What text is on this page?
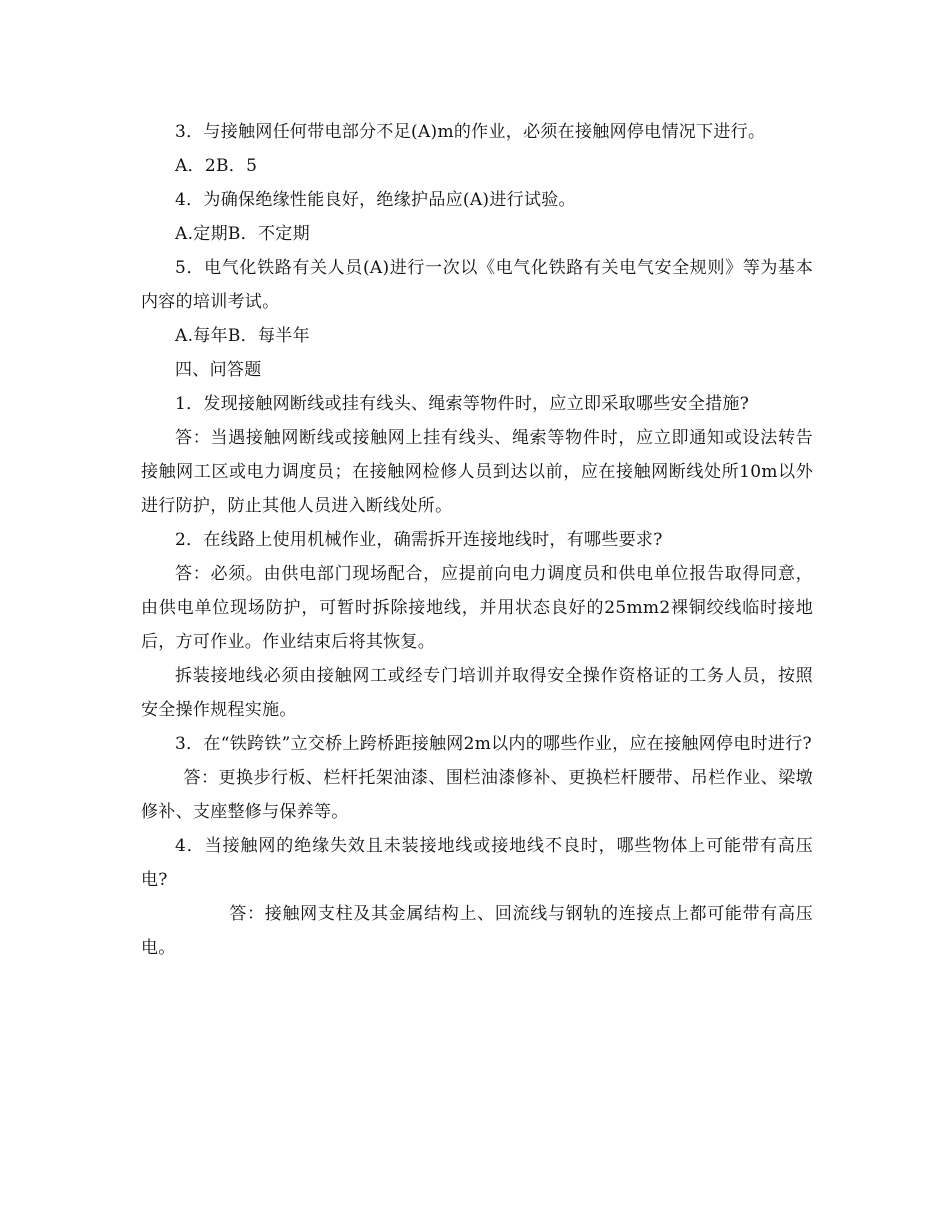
3．与接触网任何带电部分不足(A)m的作业，必须在接触网停电情况下进行。

A．2B．5

4．为确保绝缘性能良好，绝缘护品应(A)进行试验。

A.定期B．不定期

5．电气化铁路有关人员(A)进行一次以《电气化铁路有关电气安全规则》等为基本内容的培训考试。

A.每年B．每半年

四、问答题

1．发现接触网断线或挂有线头、绳索等物件时，应立即采取哪些安全措施?

答：当遇接触网断线或接触网上挂有线头、绳索等物件时，应立即通知或设法转告接触网工区或电力调度员；在接触网检修人员到达以前，应在接触网断线处所10m以外进行防护，防止其他人员进入断线处所。

2．在线路上使用机械作业，确需拆开连接地线时，有哪些要求?

答：必须。由供电部门现场配合，应提前向电力调度员和供电单位报告取得同意，由供电单位现场防护，可暂时拆除接地线，并用状态良好的25mm2裸铜绞线临时接地后，方可作业。作业结束后将其恢复。

拆装接地线必须由接触网工或经专门培训并取得安全操作资格证的工务人员，按照安全操作规程实施。

3．在“铁跨铁”立交桥上跨桥距接触网2m以内的哪些作业，应在接触网停电时进行?

答：更换步行板、栏杆托架油漆、围栏油漆修补、更换栏杆腰带、吊栏作业、梁墩修补、支座整修与保养等。

4．当接触网的绝缘失效且未装接地线或接地线不良时，哪些物体上可能带有高压电?

答：接触网支柱及其金属结构上、回流线与钢轨的连接点上都可能带有高压电。
